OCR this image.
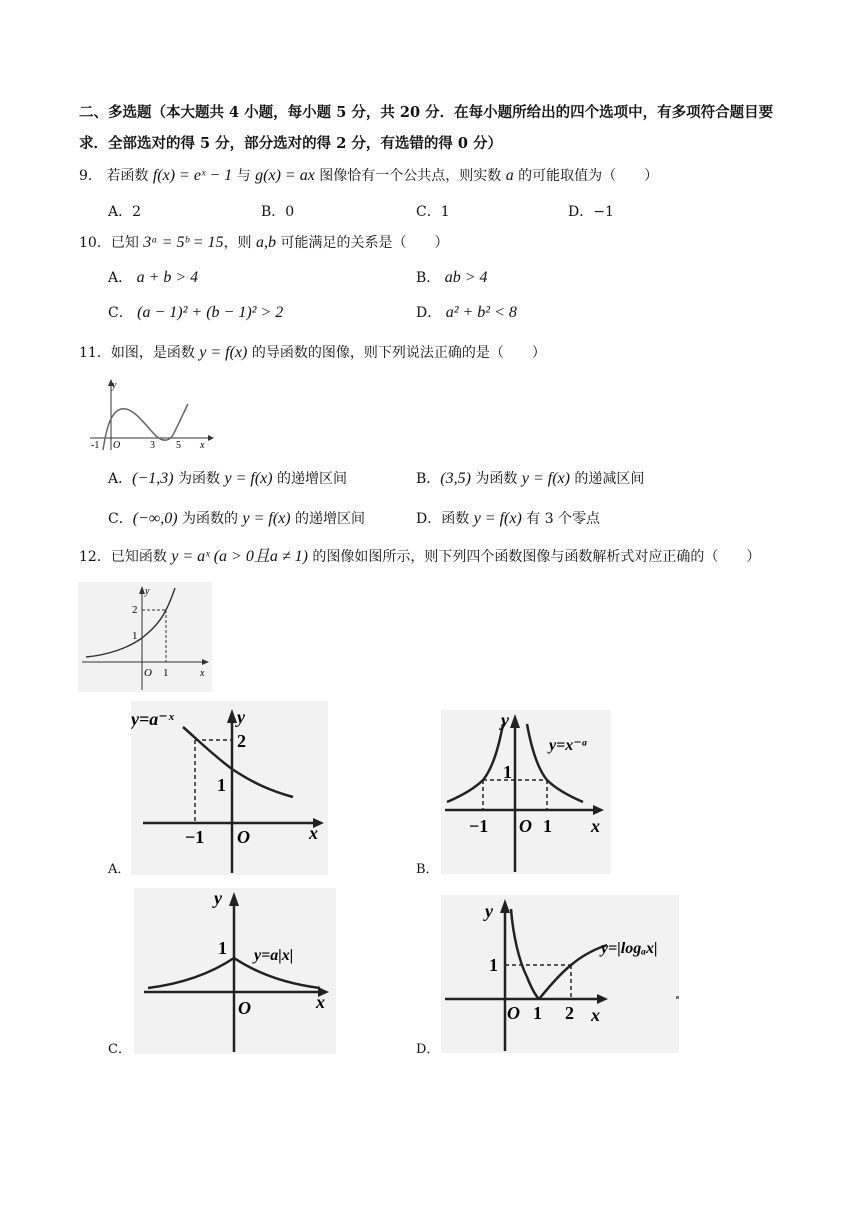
二、多选题（本大题共 4 小题，每小题 5 分，共 20 分．在每小题所给出的四个选项中，有多项符合题目要
求．全部选对的得 5 分，部分选对的得 2 分，有选错的得 0 分）
9． 若函数 f(x) = eˣ − 1 与 g(x) = ax 图像恰有一个公共点，则实数 a 的可能取值为（　　）
A．2	B．0	C．1	D．−1
10．已知 3ᵃ = 5ᵇ = 15，则 a,b 可能满足的关系是（　　）
A． a + b > 4	B． ab > 4
C． (a − 1)² + (b − 1)² > 2	D． a² + b² < 8
11．如图，是函数 y = f(x) 的导函数的图像，则下列说法正确的是（　　）
y
x
-1 O	3 5
A．(−1,3) 为函数 y = f(x) 的递增区间	B．(3,5) 为函数 y = f(x) 的递减区间
C．(−∞,0) 为函数的 y = f(x) 的递增区间	D．函数 y = f(x) 有 3 个零点
12．已知函数 y = aˣ (a > 0且a ≠ 1) 的图像如图所示，则下列四个函数图像与函数解析式对应正确的（　　）
y
x
2
1
O 1
y=a⁻ˣ	y
x
2
1
−1 O
A．
y=x⁻ᵃ
y
x
1
−1 O 1
B．
y
x
1
O
y=a|x|
C．
y
x
1
O 1 2
y=|logₐx|
D．
